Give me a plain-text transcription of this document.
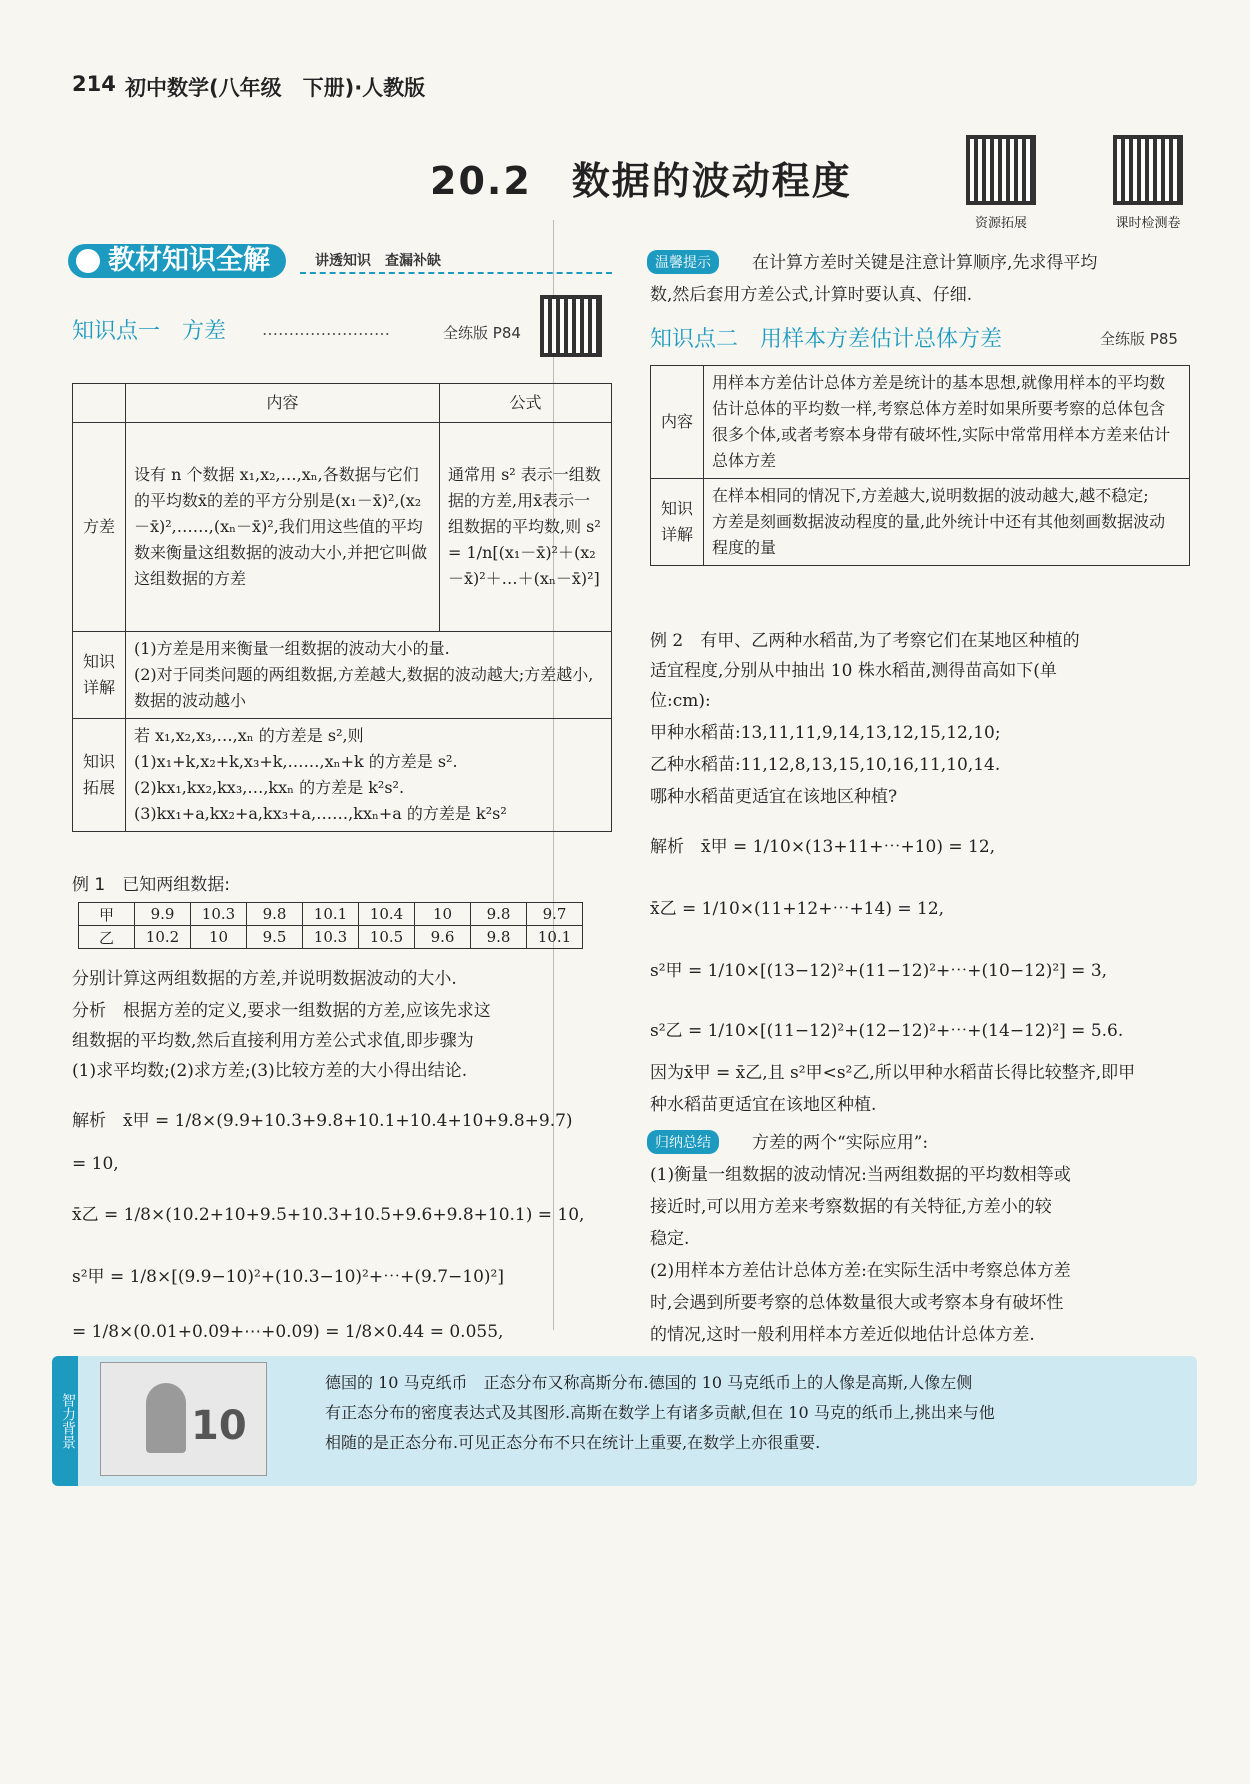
214 初中数学(八年级　下册)·人教版
20.2　数据的波动程度
资源拓展	课时检测卷
教材知识全解	讲透知识　查漏补缺
知识点一　方差 ……………………	全练版 P84
	内容	公式
方差	设有 n 个数据 x₁,x₂,…,xₙ,各数据与它们的平均数x̄的差的平方分别是(x₁－x̄)²,(x₂－x̄)²,……,(xₙ－x̄)²,我们用这些值的平均数来衡量这组数据的波动大小,并把它叫做这组数据的方差	通常用 s² 表示一组数据的方差,用x̄表示一组数据的平均数,则 s² = 1/n[(x₁－x̄)²＋(x₂－x̄)²＋…＋(xₙ－x̄)²]
知识详解	(1)方差是用来衡量一组数据的波动大小的量.
(2)对于同类问题的两组数据,方差越大,数据的波动越大;方差越小,数据的波动越小	

知识拓展	若 x₁,x₂,x₃,…,xₙ 的方差是 s²,则
(1)x₁+k,x₂+k,x₃+k,……,xₙ+k 的方差是 s².
(2)kx₁,kx₂,kx₃,…,kxₙ 的方差是 k²s².
(3)kx₁+a,kx₂+a,kx₃+a,……,kxₙ+a 的方差是 k²s²	
例 1　已知两组数据:
甲	9.9	10.3	9.8	10.1	10.4	10	9.8	9.7
乙	10.2	10	9.5	10.3	10.5	9.6	9.8	10.1
分别计算这两组数据的方差,并说明数据波动的大小.
分析　根据方差的定义,要求一组数据的方差,应该先求这
组数据的平均数,然后直接利用方差公式求值,即步骤为
(1)求平均数;(2)求方差;(3)比较方差的大小得出结论.
解析　x̄甲 = 1/8×(9.9+10.3+9.8+10.1+10.4+10+9.8+9.7)
= 10,
x̄乙 = 1/8×(10.2+10+9.5+10.3+10.5+9.6+9.8+10.1) = 10,
s²甲 = 1/8×[(9.9−10)²+(10.3−10)²+⋯+(9.7−10)²]
= 1/8×(0.01+0.09+⋯+0.09) = 1/8×0.44 = 0.055,
温馨提示	在计算方差时关键是注意计算顺序,先求得平均
数,然后套用方差公式,计算时要认真、仔细.
知识点二　用样本方差估计总体方差	全练版 P85
内容	用样本方差估计总体方差是统计的基本思想,就像用样本的平均数估计总体的平均数一样,考察总体方差时如果所要考察的总体包含很多个体,或者考察本身带有破坏性,实际中常常用样本方差来估计总体方差
知识详解	在样本相同的情况下,方差越大,说明数据的波动越大,越不稳定;
方差是刻画数据波动程度的量,此外统计中还有其他刻画数据波动程度的量
例 2　有甲、乙两种水稻苗,为了考察它们在某地区种植的
适宜程度,分别从中抽出 10 株水稻苗,测得苗高如下(单
位:cm):
甲种水稻苗:13,11,11,9,14,13,12,15,12,10;
乙种水稻苗:11,12,8,13,15,10,16,11,10,14.
哪种水稻苗更适宜在该地区种植?
解析　x̄甲 = 1/10×(13+11+⋯+10) = 12,
x̄乙 = 1/10×(11+12+⋯+14) = 12,
s²甲 = 1/10×[(13−12)²+(11−12)²+⋯+(10−12)²] = 3,
s²乙 = 1/10×[(11−12)²+(12−12)²+⋯+(14−12)²] = 5.6.
因为x̄甲 = x̄乙,且 s²甲<s²乙,所以甲种水稻苗长得比较整齐,即甲
种水稻苗更适宜在该地区种植.
归纳总结	方差的两个“实际应用”:
(1)衡量一组数据的波动情况:当两组数据的平均数相等或
接近时,可以用方差来考察数据的有关特征,方差小的较
稳定.
(2)用样本方差估计总体方差:在实际生活中考察总体方差
时,会遇到所要考察的总体数量很大或考察本身有破坏性
的情况,这时一般利用样本方差近似地估计总体方差.
智力背景	10
德国的 10 马克纸币　正态分布又称高斯分布.德国的 10 马克纸币上的人像是高斯,人像左侧
有正态分布的密度表达式及其图形.高斯在数学上有诸多贡献,但在 10 马克的纸币上,挑出来与他
相随的是正态分布.可见正态分布不只在统计上重要,在数学上亦很重要.
